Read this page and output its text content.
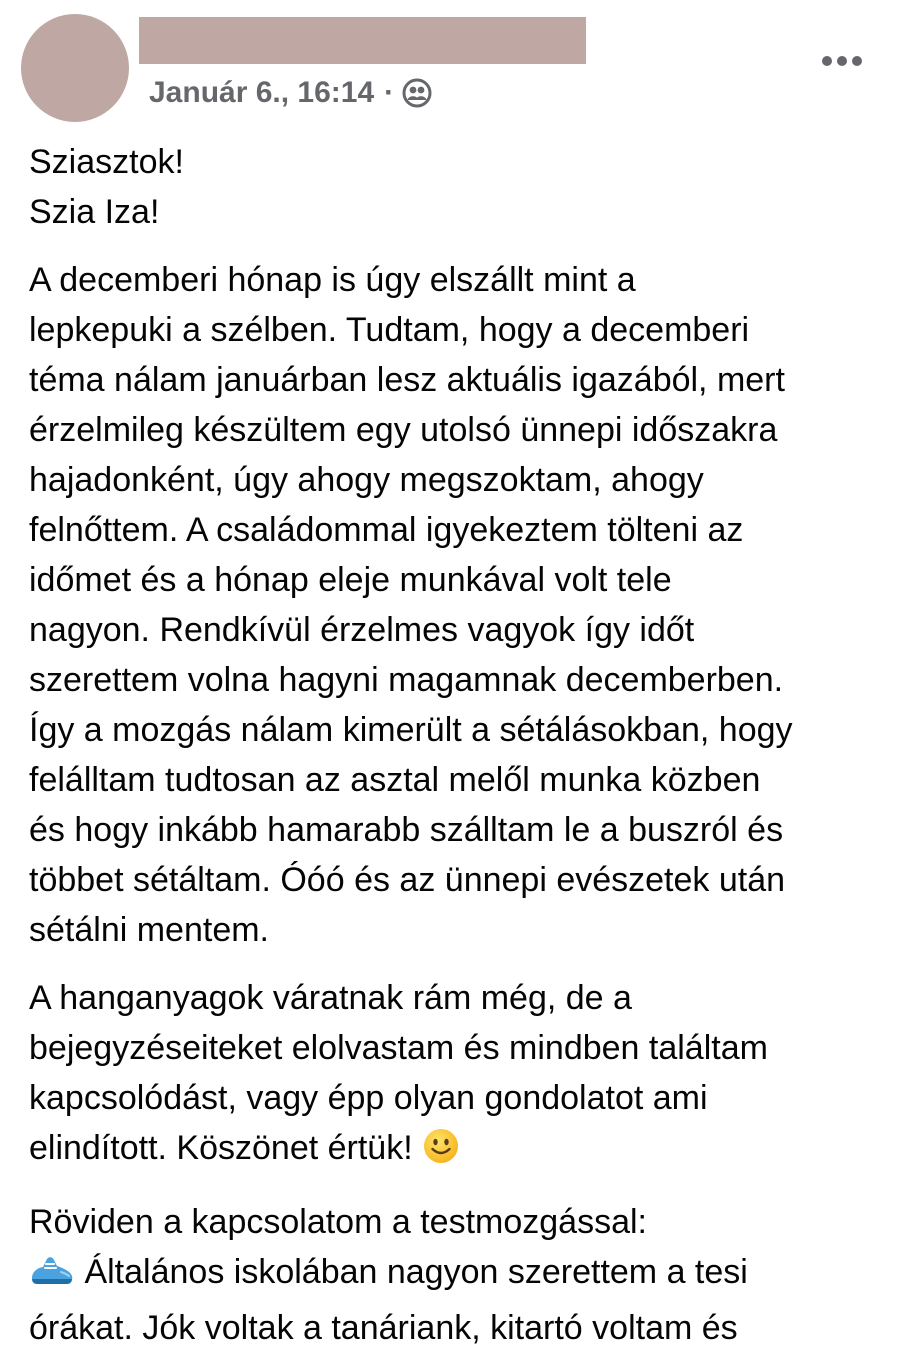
Január 6., 16:14 ·

Sziasztok!
Szia Iza!

A decemberi hónap is úgy elszállt mint a
lepkepuki a szélben. Tudtam, hogy a decemberi
téma nálam januárban lesz aktuális igazából, mert
érzelmileg készültem egy utolsó ünnepi időszakra
hajadonként, úgy ahogy megszoktam, ahogy
felnőttem. A családommal igyekeztem tölteni az
időmet és a hónap eleje munkával volt tele
nagyon. Rendkívül érzelmes vagyok így időt
szerettem volna hagyni magamnak decemberben.
Így a mozgás nálam kimerült a sétálásokban, hogy
felálltam tudtosan az asztal melől munka közben
és hogy inkább hamarabb szálltam le a buszról és
többet sétáltam. Óóó és az ünnepi evészetek után
sétálni mentem.

A hanganyagok váratnak rám még, de a
bejegyzéseiteket elolvastam és mindben találtam
kapcsolódást, vagy épp olyan gondolatot ami
elindított. Köszönet értük!

Röviden a kapcsolatom a testmozgással:
Általános iskolában nagyon szerettem a tesi
órákat. Jók voltak a tanáriank, kitartó voltam és
